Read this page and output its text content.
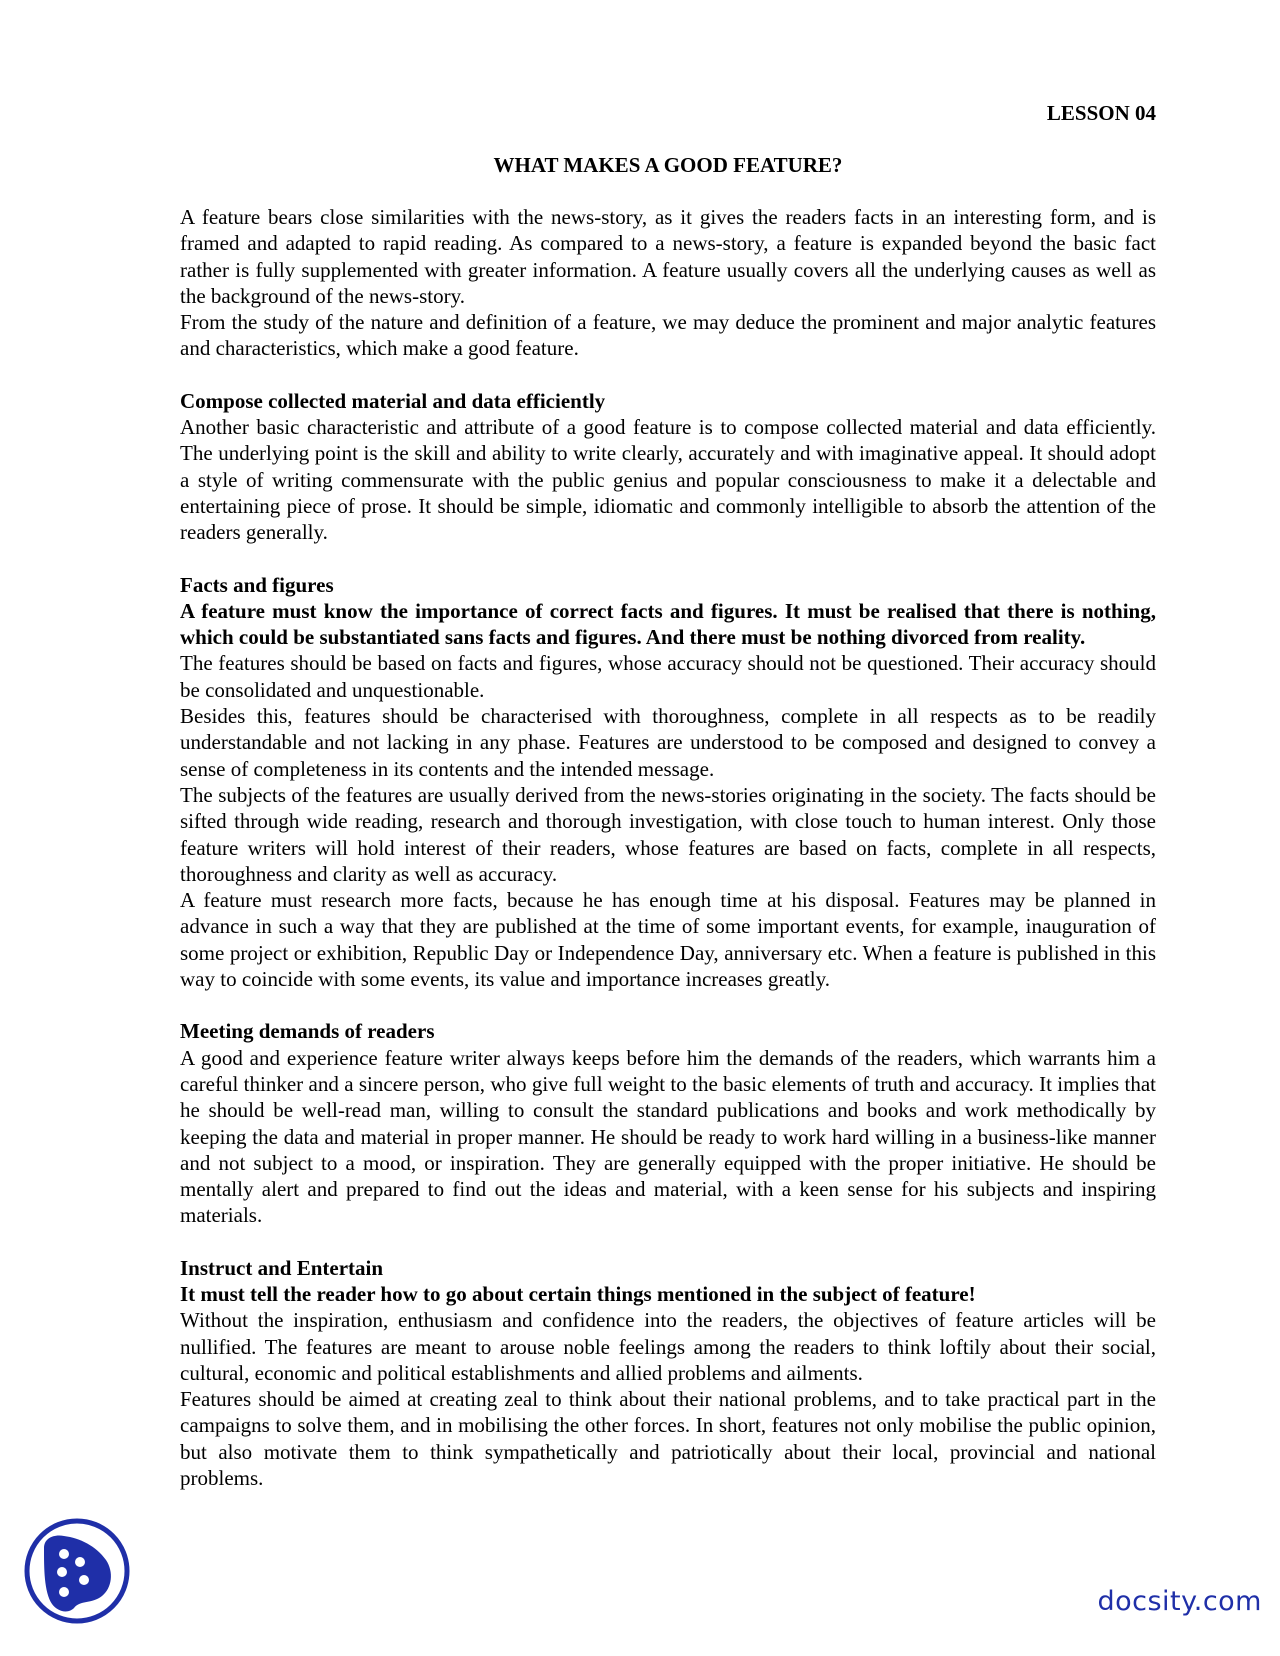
LESSON 04

WHAT MAKES A GOOD FEATURE?

A feature bears close similarities with the news-story, as it gives the readers facts in an interesting form, and is framed and adapted to rapid reading. As compared to a news-story, a feature is expanded beyond the basic fact rather is fully supplemented with greater information. A feature usually covers all the underlying causes as well as the background of the news-story.

From the study of the nature and definition of a feature, we may deduce the prominent and major analytic features and characteristics, which make a good feature.

Compose collected material and data efficiently

Another basic characteristic and attribute of a good feature is to compose collected material and data efficiently. The underlying point is the skill and ability to write clearly, accurately and with imaginative appeal. It should adopt a style of writing commensurate with the public genius and popular consciousness to make it a delectable and entertaining piece of prose. It should be simple, idiomatic and commonly intelligible to absorb the attention of the readers generally.

Facts and figures

A feature must know the importance of correct facts and figures. It must be realised that there is nothing, which could be substantiated sans facts and figures. And there must be nothing divorced from reality.

The features should be based on facts and figures, whose accuracy should not be questioned. Their accuracy should be consolidated and unquestionable.

Besides this, features should be characterised with thoroughness, complete in all respects as to be readily understandable and not lacking in any phase. Features are understood to be composed and designed to convey a sense of completeness in its contents and the intended message.

The subjects of the features are usually derived from the news-stories originating in the society. The facts should be sifted through wide reading, research and thorough investigation, with close touch to human interest. Only those feature writers will hold interest of their readers, whose features are based on facts, complete in all respects, thoroughness and clarity as well as accuracy.

A feature must research more facts, because he has enough time at his disposal. Features may be planned in advance in such a way that they are published at the time of some important events, for example, inauguration of some project or exhibition, Republic Day or Independence Day, anniversary etc. When a feature is published in this way to coincide with some events, its value and importance increases greatly.

Meeting demands of readers

A good and experience feature writer always keeps before him the demands of the readers, which warrants him a careful thinker and a sincere person, who give full weight to the basic elements of truth and accuracy. It implies that he should be well-read man, willing to consult the standard publications and books and work methodically by keeping the data and material in proper manner. He should be ready to work hard willing in a business-like manner and not subject to a mood, or inspiration. They are generally equipped with the proper initiative. He should be mentally alert and prepared to find out the ideas and material, with a keen sense for his subjects and inspiring materials.

Instruct and Entertain

It must tell the reader how to go about certain things mentioned in the subject of feature!

Without the inspiration, enthusiasm and confidence into the readers, the objectives of feature articles will be nullified. The features are meant to arouse noble feelings among the readers to think loftily about their social, cultural, economic and political establishments and allied problems and ailments.

Features should be aimed at creating zeal to think about their national problems, and to take practical part in the campaigns to solve them, and in mobilising the other forces. In short, features not only mobilise the public opinion, but also motivate them to think sympathetically and patriotically about their local, provincial and national problems.

docsity.com
